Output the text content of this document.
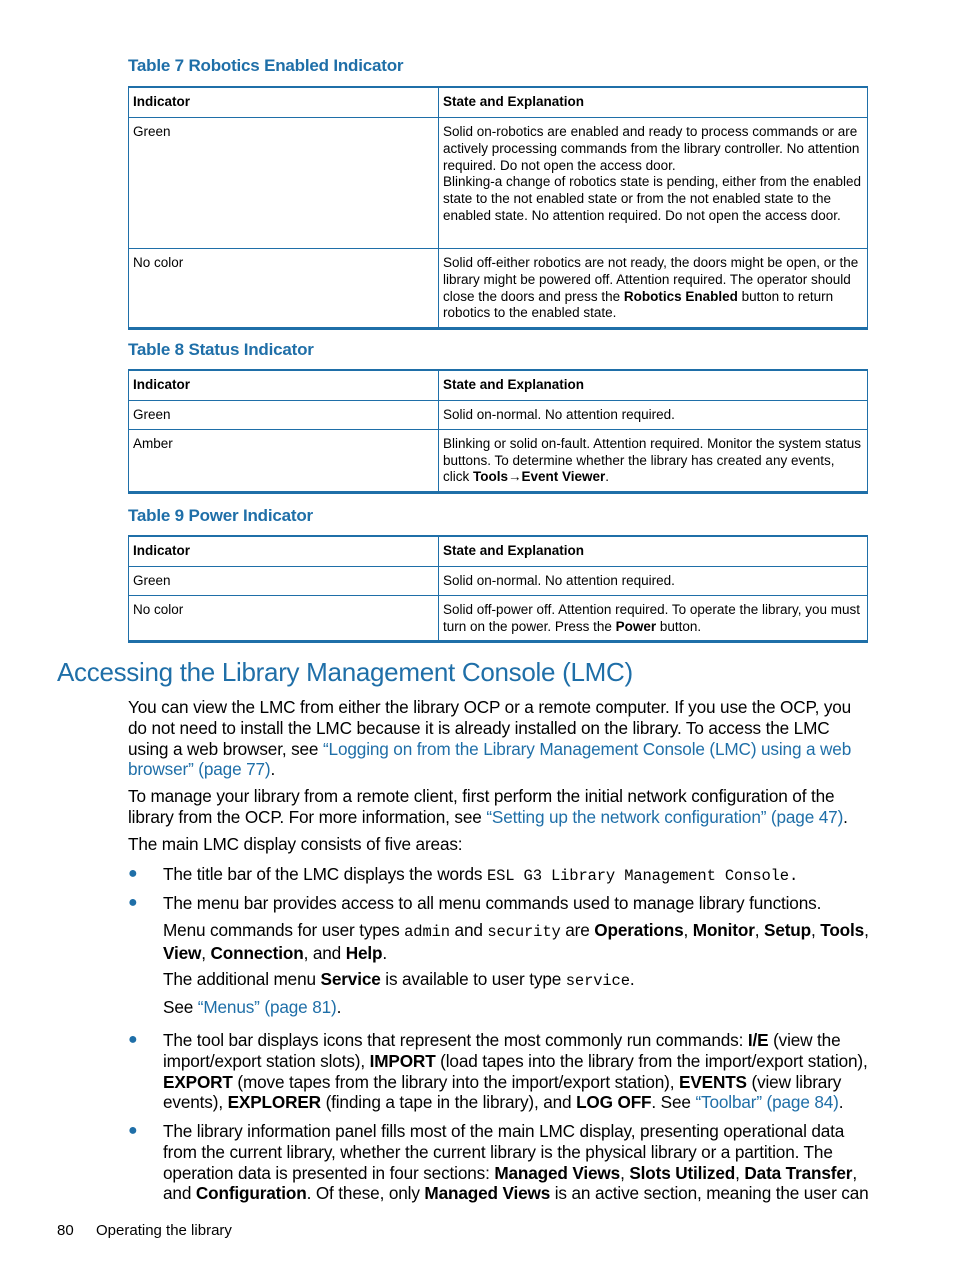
Table 7 Robotics Enabled Indicator
Indicator	State and Explanation
Green	Solid on-robotics are enabled and ready to process commands or are actively processing commands from the library controller. No attention required. Do not open the access door.
Blinking-a change of robotics state is pending, either from the enabled state to the not enabled state or from the not enabled state to the enabled state. No attention required. Do not open the access door.

No color	Solid off-either robotics are not ready, the doors might be open, or the library might be powered off. Attention required. The operator should close the doors and press the Robotics Enabled button to return robotics to the enabled state.
Table 8 Status Indicator
Indicator	State and Explanation
Green	Solid on-normal. No attention required.
Amber	Blinking or solid on-fault. Attention required. Monitor the system status buttons. To determine whether the library has created any events, click Tools→Event Viewer.
Table 9 Power Indicator
Indicator	State and Explanation
Green	Solid on-normal. No attention required.
No color	Solid off-power off. Attention required. To operate the library, you must turn on the power. Press the Power button.
Accessing the Library Management Console (LMC)
You can view the LMC from either the library OCP or a remote computer. If you use the OCP, you do not need to install the LMC because it is already installed on the library. To access the LMC using a web browser, see “Logging on from the Library Management Console (LMC) using a web browser” (page 77).
To manage your library from a remote client, first perform the initial network configuration of the library from the OCP. For more information, see “Setting up the network configuration” (page 47).
The main LMC display consists of five areas:
● The title bar of the LMC displays the words ESL G3 Library Management Console.
● The menu bar provides access to all menu commands used to manage library functions.
Menu commands for user types admin and security are Operations, Monitor, Setup, Tools, View, Connection, and Help.
The additional menu Service is available to user type service.
See “Menus” (page 81).
● The tool bar displays icons that represent the most commonly run commands: I/E (view the import/export station slots), IMPORT (load tapes into the library from the import/export station), EXPORT (move tapes from the library into the import/export station), EVENTS (view library events), EXPLORER (finding a tape in the library), and LOG OFF. See “Toolbar” (page 84).
● The library information panel fills most of the main LMC display, presenting operational data from the current library, whether the current library is the physical library or a partition. The operation data is presented in four sections: Managed Views, Slots Utilized, Data Transfer, and Configuration. Of these, only Managed Views is an active section, meaning the user can
80 Operating the library
